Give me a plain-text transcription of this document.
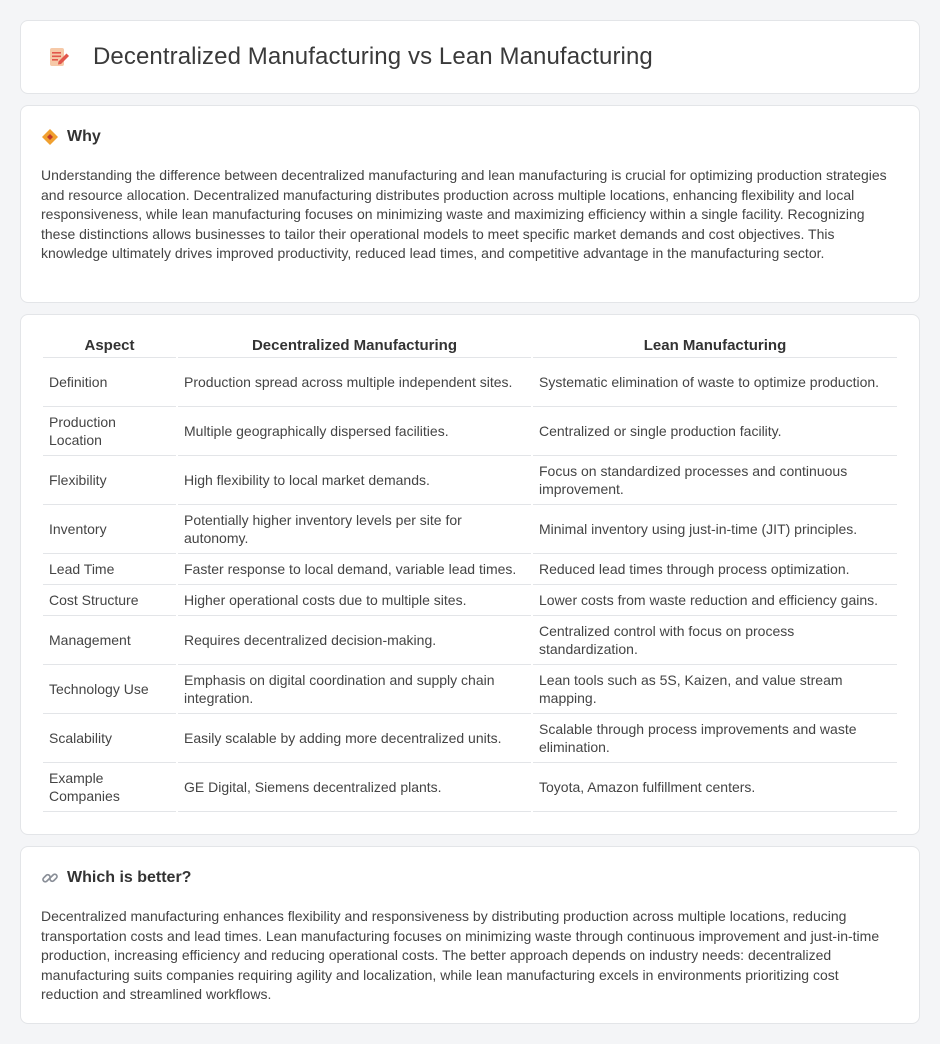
Decentralized Manufacturing vs Lean Manufacturing
Why

Understanding the difference between decentralized manufacturing and lean manufacturing is crucial for optimizing production strategies and resource allocation. Decentralized manufacturing distributes production across multiple locations, enhancing flexibility and local responsiveness, while lean manufacturing focuses on minimizing waste and maximizing efficiency within a single facility. Recognizing these distinctions allows businesses to tailor their operational models to meet specific market demands and cost objectives. This knowledge ultimately drives improved productivity, reduced lead times, and competitive advantage in the manufacturing sector.

Aspect	Decentralized Manufacturing	Lean Manufacturing
Definition	Production spread across multiple independent sites.	Systematic elimination of waste to optimize production.
Production Location	Multiple geographically dispersed facilities.	Centralized or single production facility.
Flexibility	High flexibility to local market demands.	Focus on standardized processes and continuous improvement.
Inventory	Potentially higher inventory levels per site for autonomy.	Minimal inventory using just-in-time (JIT) principles.
Lead Time	Faster response to local demand, variable lead times.	Reduced lead times through process optimization.
Cost Structure	Higher operational costs due to multiple sites.	Lower costs from waste reduction and efficiency gains.
Management	Requires decentralized decision-making.	Centralized control with focus on process standardization.
Technology Use	Emphasis on digital coordination and supply chain integration.	Lean tools such as 5S, Kaizen, and value stream mapping.
Scalability	Easily scalable by adding more decentralized units.	Scalable through process improvements and waste elimination.
Example Companies	GE Digital, Siemens decentralized plants.	Toyota, Amazon fulfillment centers.
Which is better?

Decentralized manufacturing enhances flexibility and responsiveness by distributing production across multiple locations, reducing transportation costs and lead times. Lean manufacturing focuses on minimizing waste through continuous improvement and just-in-time production, increasing efficiency and reducing operational costs. The better approach depends on industry needs: decentralized manufacturing suits companies requiring agility and localization, while lean manufacturing excels in environments prioritizing cost reduction and streamlined workflows.
